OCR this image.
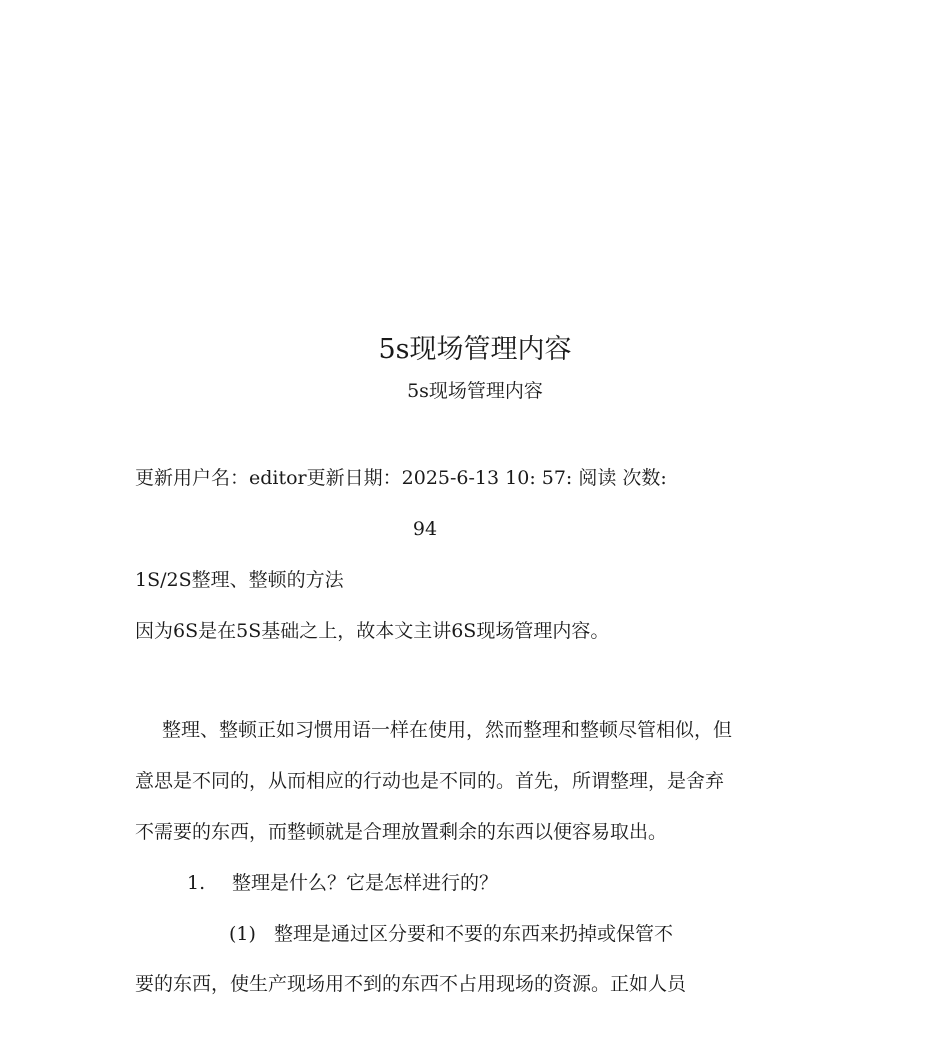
5s现场管理内容
5s现场管理内容
更新用户名：editor更新日期：2025-6-13 10: 57: 阅读 次数:
94
1S/2S整理、整顿的方法
因为6S是在5S基础之上，故本文主讲6S现场管理内容。
整理、整顿正如习惯用语一样在使用，然而整理和整顿尽管相似，但
意思是不同的，从而相应的行动也是不同的。首先，所谓整理，是舍弃
不需要的东西，而整顿就是合理放置剩余的东西以便容易取出。
1. 整理是什么？它是怎样进行的？
(1) 整理是通过区分要和不要的东西来扔掉或保管不
要的东西，使生产现场用不到的东西不占用现场的资源。正如人员
